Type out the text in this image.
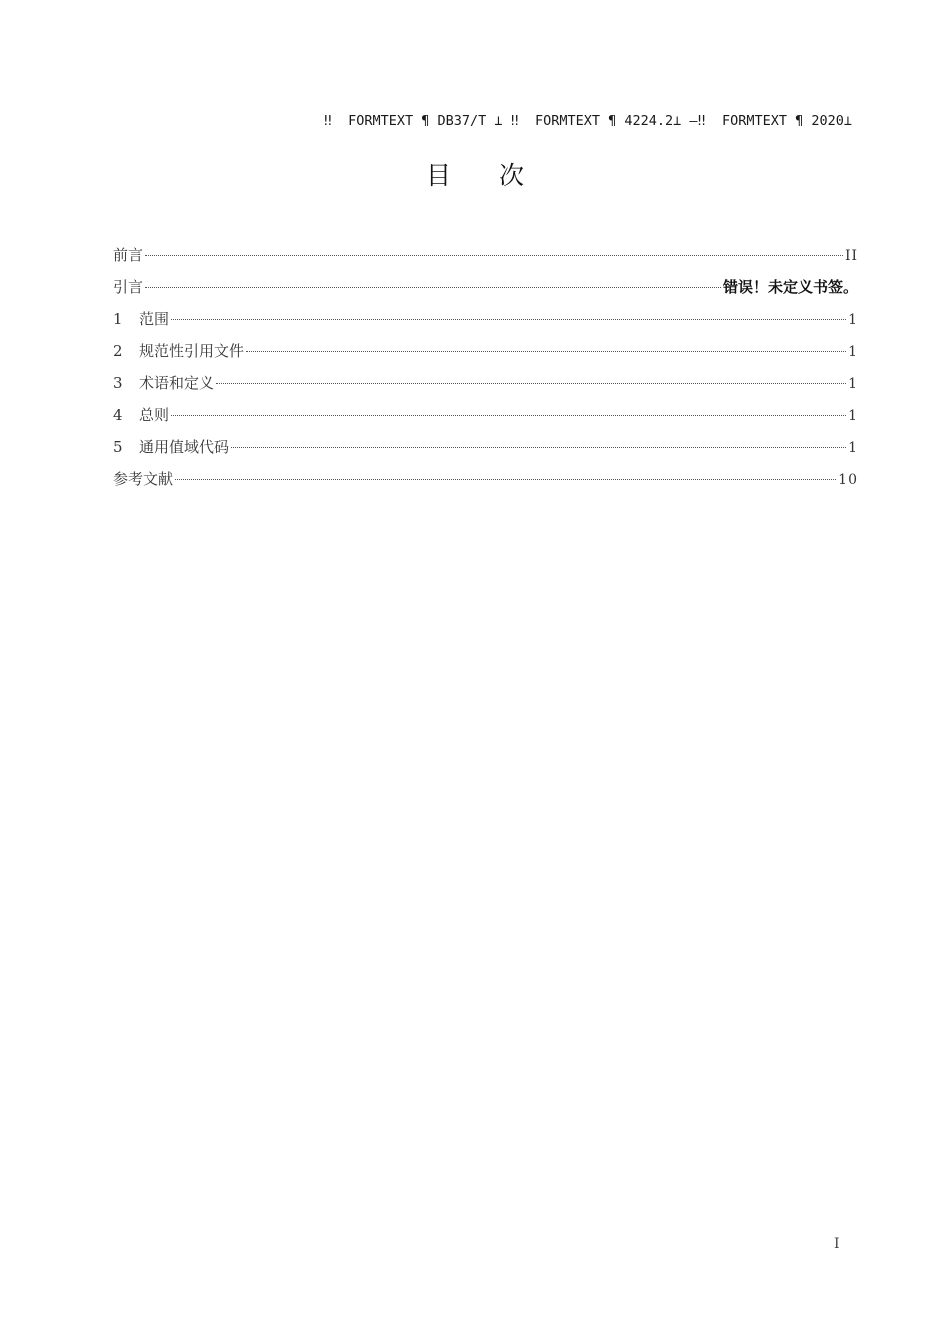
‼  FORMTEXT ¶ DB37/T ⊥ ‼  FORMTEXT ¶ 4224.2⊥ —‼  FORMTEXT ¶ 2020⊥
目次
前言	II
引言	错误！未定义书签。
1	范围	1
2	规范性引用文件	1
3	术语和定义	1
4	总则	1
5	通用值域代码	1
参考文献	10
I
